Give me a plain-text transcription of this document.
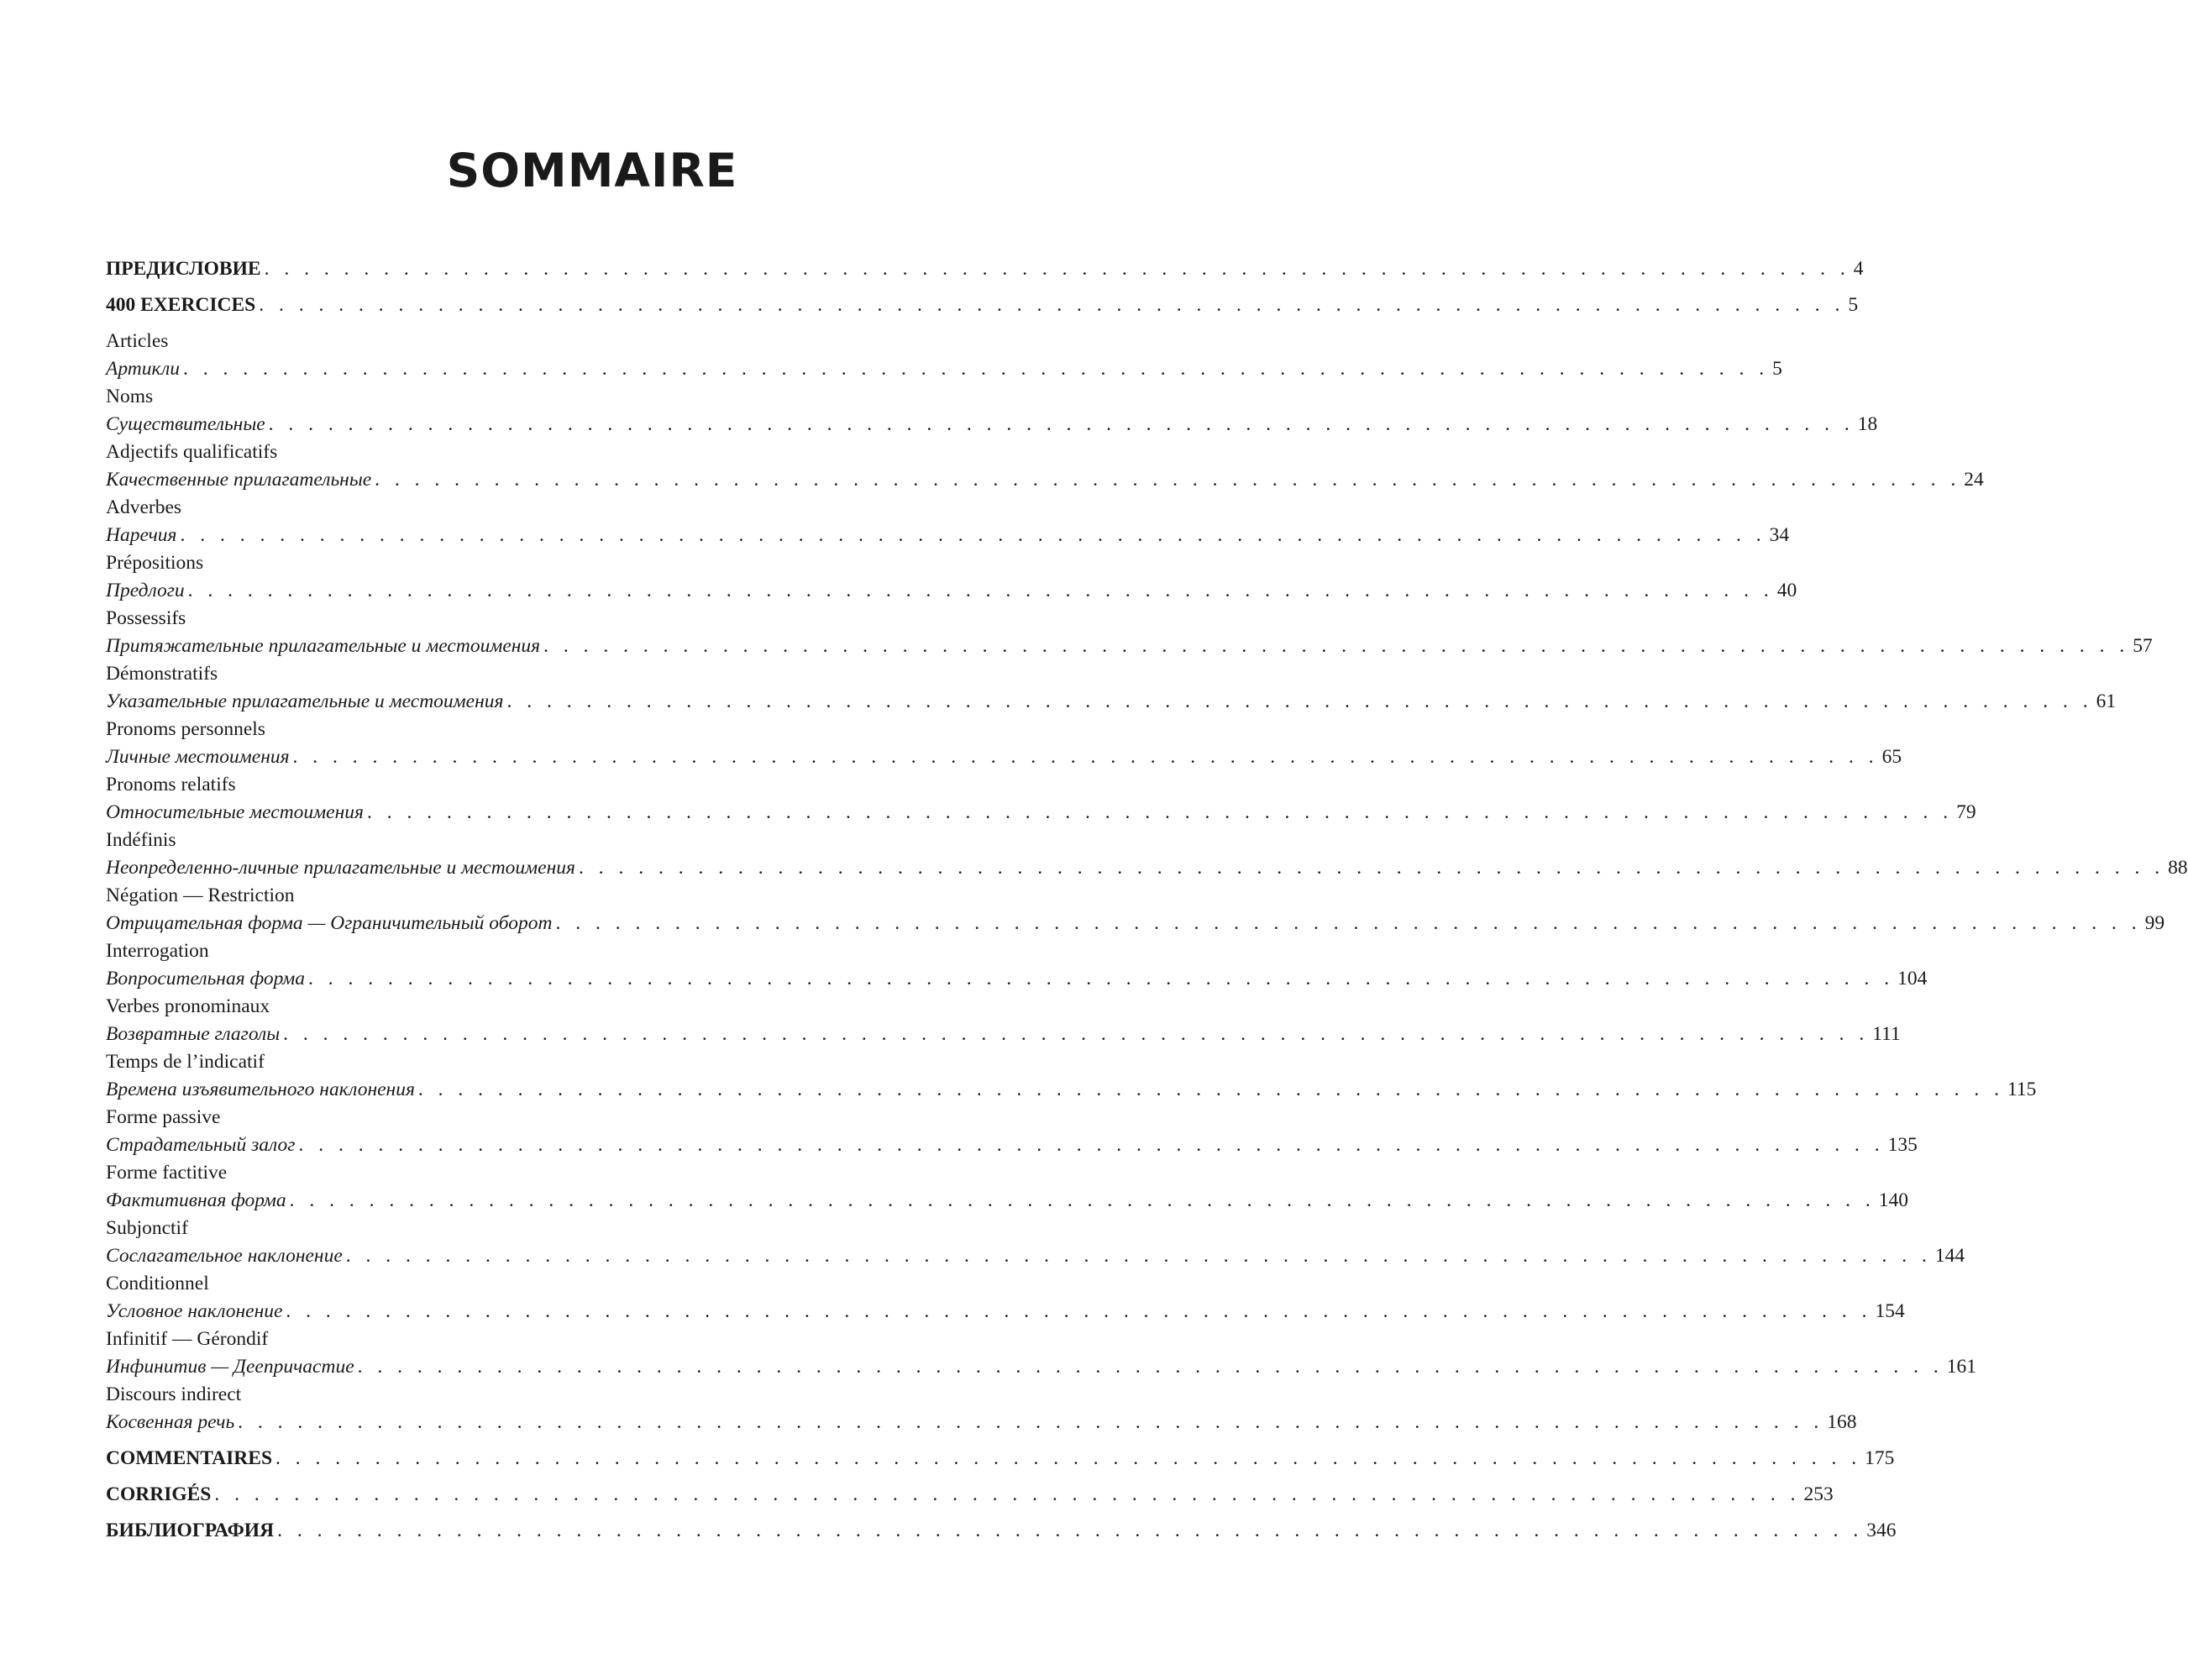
SOMMAIRE
ПРЕДИСЛОВИЕ . . . . . . . . . . . . . . . . . . . . . . . . . . . . . . . . . . . . . . . . . . . . . . . . . . . . . . . . . . . . . . . . . . . . . . . . . . . . . . . . 4
400 EXERCICES . . . . . . . . . . . . . . . . . . . . . . . . . . . . . . . . . . . . . . . . . . . . . . . . . . . . . . . . . . . . . . . . . . . . . . . . . . . . . . . . 5
Articles
Артикли . . . . . . . . . . . . . . . . . . . . . . . . . . . . . . . . . . . . . . . . . . . . . . . . . . . . . . . . . . . . . . . . . . . . . . . . . . . . . . . . 5
Noms
Существительные . . . . . . . . . . . . . . . . . . . . . . . . . . . . . . . . . . . . . . . . . . . . . . . . . . . . . . . . . . . . . . . . . . . . . . . . . . . . . . . . 18
Adjectifs qualificatifs
Качественные прилагательные . . . . . . . . . . . . . . . . . . . . . . . . . . . . . . . . . . . . . . . . . . . . . . . . . . . . . . . . . . . . . . . . . . . . . . . . . . . . . . . . 24
Adverbes
Наречия . . . . . . . . . . . . . . . . . . . . . . . . . . . . . . . . . . . . . . . . . . . . . . . . . . . . . . . . . . . . . . . . . . . . . . . . . . . . . . . . 34
Prépositions
Предлоги . . . . . . . . . . . . . . . . . . . . . . . . . . . . . . . . . . . . . . . . . . . . . . . . . . . . . . . . . . . . . . . . . . . . . . . . . . . . . . . . 40
Possessifs
Притяжательные прилагательные и местоимения . . . . . . . . . . . . . . . . . . . . . . . . . . . . . . . . . . . . . . . . . . . . . . . . . . . . . . . . . . . . . . . . . . . . . . . . . . . . . . . . 57
Démonstratifs
Указательные прилагательные и местоимения . . . . . . . . . . . . . . . . . . . . . . . . . . . . . . . . . . . . . . . . . . . . . . . . . . . . . . . . . . . . . . . . . . . . . . . . . . . . . . . . 61
Pronoms personnels
Личные местоимения . . . . . . . . . . . . . . . . . . . . . . . . . . . . . . . . . . . . . . . . . . . . . . . . . . . . . . . . . . . . . . . . . . . . . . . . . . . . . . . . 65
Pronoms relatifs
Относительные местоимения . . . . . . . . . . . . . . . . . . . . . . . . . . . . . . . . . . . . . . . . . . . . . . . . . . . . . . . . . . . . . . . . . . . . . . . . . . . . . . . . 79
Indéfinis
Неопределенно-личные прилагательные и местоимения . . . . . . . . . . . . . . . . . . . . . . . . . . . . . . . . . . . . . . . . . . . . . . . . . . . . . . . . . . . . . . . . . . . . . . . . . . . . . . . . 88
Négation — Restriction
Отрицательная форма — Ограничительный оборот . . . . . . . . . . . . . . . . . . . . . . . . . . . . . . . . . . . . . . . . . . . . . . . . . . . . . . . . . . . . . . . . . . . . . . . . . . . . . . . . 99
Interrogation
Вопросительная форма . . . . . . . . . . . . . . . . . . . . . . . . . . . . . . . . . . . . . . . . . . . . . . . . . . . . . . . . . . . . . . . . . . . . . . . . . . . . . . . . 104
Verbes pronominaux
Возвратные глаголы . . . . . . . . . . . . . . . . . . . . . . . . . . . . . . . . . . . . . . . . . . . . . . . . . . . . . . . . . . . . . . . . . . . . . . . . . . . . . . . . 111
Temps de l’indicatif
Времена изъявительного наклонения . . . . . . . . . . . . . . . . . . . . . . . . . . . . . . . . . . . . . . . . . . . . . . . . . . . . . . . . . . . . . . . . . . . . . . . . . . . . . . . . 115
Forme passive
Страдательный залог . . . . . . . . . . . . . . . . . . . . . . . . . . . . . . . . . . . . . . . . . . . . . . . . . . . . . . . . . . . . . . . . . . . . . . . . . . . . . . . . 135
Forme factitive
Фактитивная форма . . . . . . . . . . . . . . . . . . . . . . . . . . . . . . . . . . . . . . . . . . . . . . . . . . . . . . . . . . . . . . . . . . . . . . . . . . . . . . . . 140
Subjonctif
Сослагательное наклонение . . . . . . . . . . . . . . . . . . . . . . . . . . . . . . . . . . . . . . . . . . . . . . . . . . . . . . . . . . . . . . . . . . . . . . . . . . . . . . . . 144
Conditionnel
Условное наклонение . . . . . . . . . . . . . . . . . . . . . . . . . . . . . . . . . . . . . . . . . . . . . . . . . . . . . . . . . . . . . . . . . . . . . . . . . . . . . . . . 154
Infinitif — Gérondif
Инфинитив — Деепричастие . . . . . . . . . . . . . . . . . . . . . . . . . . . . . . . . . . . . . . . . . . . . . . . . . . . . . . . . . . . . . . . . . . . . . . . . . . . . . . . . 161
Discours indirect
Косвенная речь . . . . . . . . . . . . . . . . . . . . . . . . . . . . . . . . . . . . . . . . . . . . . . . . . . . . . . . . . . . . . . . . . . . . . . . . . . . . . . . . 168
COMMENTAIRES . . . . . . . . . . . . . . . . . . . . . . . . . . . . . . . . . . . . . . . . . . . . . . . . . . . . . . . . . . . . . . . . . . . . . . . . . . . . . . . . 175
CORRIGÉS . . . . . . . . . . . . . . . . . . . . . . . . . . . . . . . . . . . . . . . . . . . . . . . . . . . . . . . . . . . . . . . . . . . . . . . . . . . . . . . . 253
БИБЛИОГРАФИЯ . . . . . . . . . . . . . . . . . . . . . . . . . . . . . . . . . . . . . . . . . . . . . . . . . . . . . . . . . . . . . . . . . . . . . . . . . . . . . . . . 346
